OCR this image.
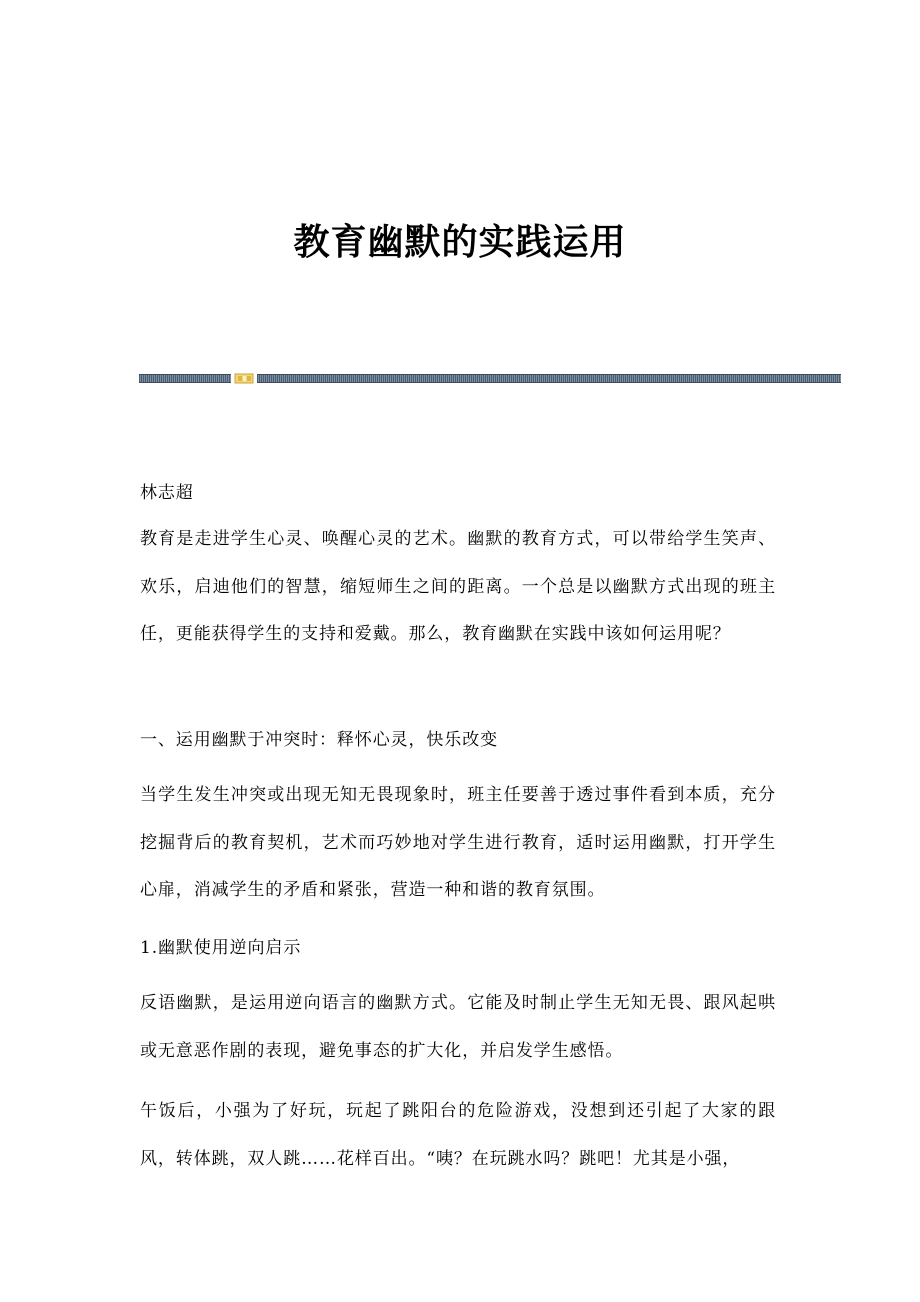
教育幽默的实践运用

林志超

教育是走进学生心灵、唤醒心灵的艺术。幽默的教育方式，可以带给学生笑声、欢乐，启迪他们的智慧，缩短师生之间的距离。一个总是以幽默方式出现的班主任，更能获得学生的支持和爱戴。那么，教育幽默在实践中该如何运用呢？

一、运用幽默于冲突时：释怀心灵，快乐改变

当学生发生冲突或出现无知无畏现象时，班主任要善于透过事件看到本质，充分挖掘背后的教育契机，艺术而巧妙地对学生进行教育，适时运用幽默，打开学生心扉，消减学生的矛盾和紧张，营造一种和谐的教育氛围。

1.幽默使用逆向启示

反语幽默，是运用逆向语言的幽默方式。它能及时制止学生无知无畏、跟风起哄或无意恶作剧的表现，避免事态的扩大化，并启发学生感悟。

午饭后，小强为了好玩，玩起了跳阳台的危险游戏，没想到还引起了大家的跟风，转体跳，双人跳……花样百出。“咦？在玩跳水吗？跳吧！尤其是小强，
